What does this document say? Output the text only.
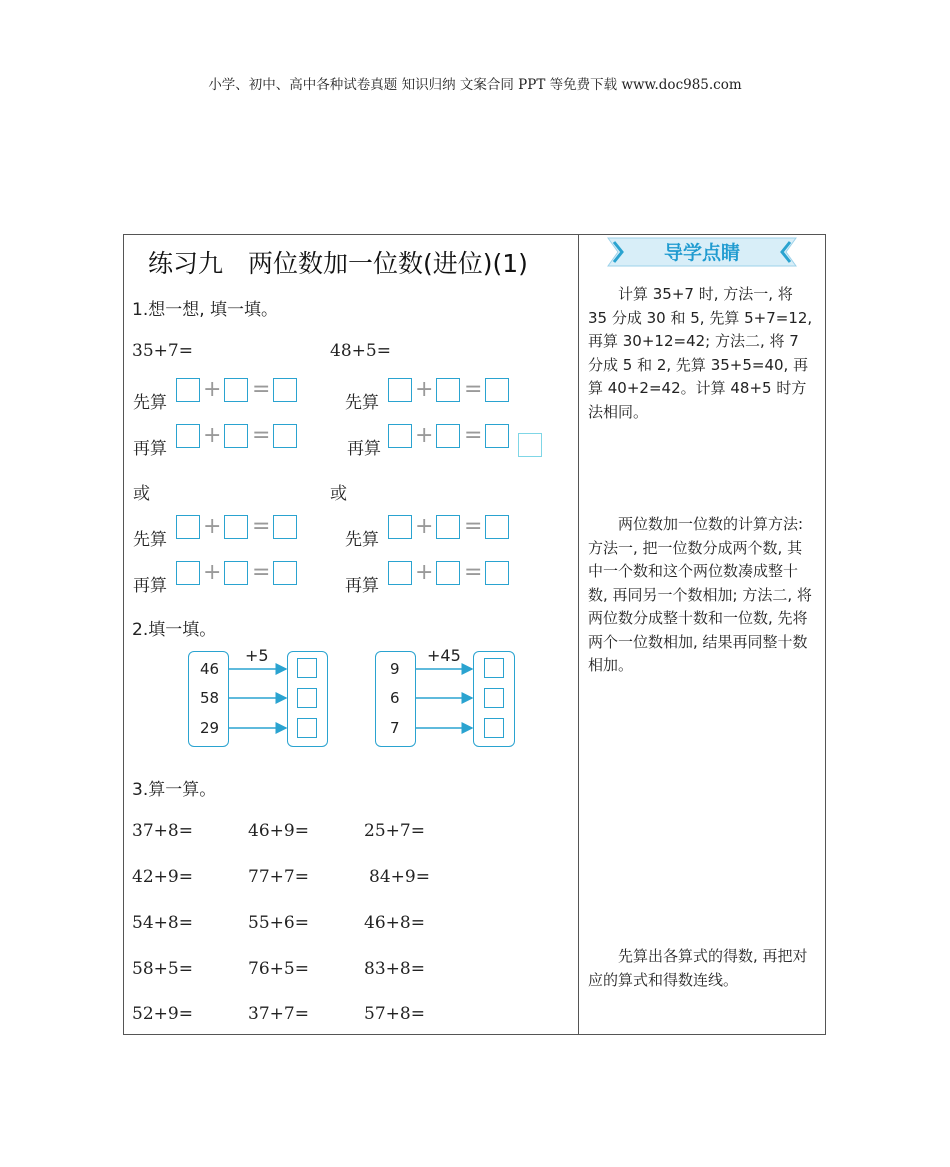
小学、初中、高中各种试卷真题 知识归纳 文案合同 PPT 等免费下载 www.doc985.com
练习九　两位数加一位数(进位)(1)
1.想一想, 填一填。
35+7=	48+5=
先算
+ =
先算
+ =
再算
+ =
再算
+ =
先算
+ =
先算
+ =
再算
+ =
再算
+ =
或	或
2.填一填。
+5
46
58
29
+45
9
6
7
3.算一算。
37+8=	46+9=	25+7=
42+9=	77+7=	84+9=
54+8=	55+6=	46+8=
58+5=	76+5=	83+8=
52+9=	37+7=	57+8=
导学点睛

计算 35+7 时, 方法一, 将 35 分成 30 和 5, 先算 5+7=12, 再算 30+12=42; 方法二, 将 7 分成 5 和 2, 先算 35+5=40, 再算 40+2=42。计算 48+5 时方法相同。

两位数加一位数的计算方法: 方法一, 把一位数分成两个数, 其中一个数和这个两位数凑成整十数, 再同另一个数相加; 方法二, 将两位数分成整十数和一位数, 先将两个一位数相加, 结果再同整十数相加。

先算出各算式的得数, 再把对应的算式和得数连线。
